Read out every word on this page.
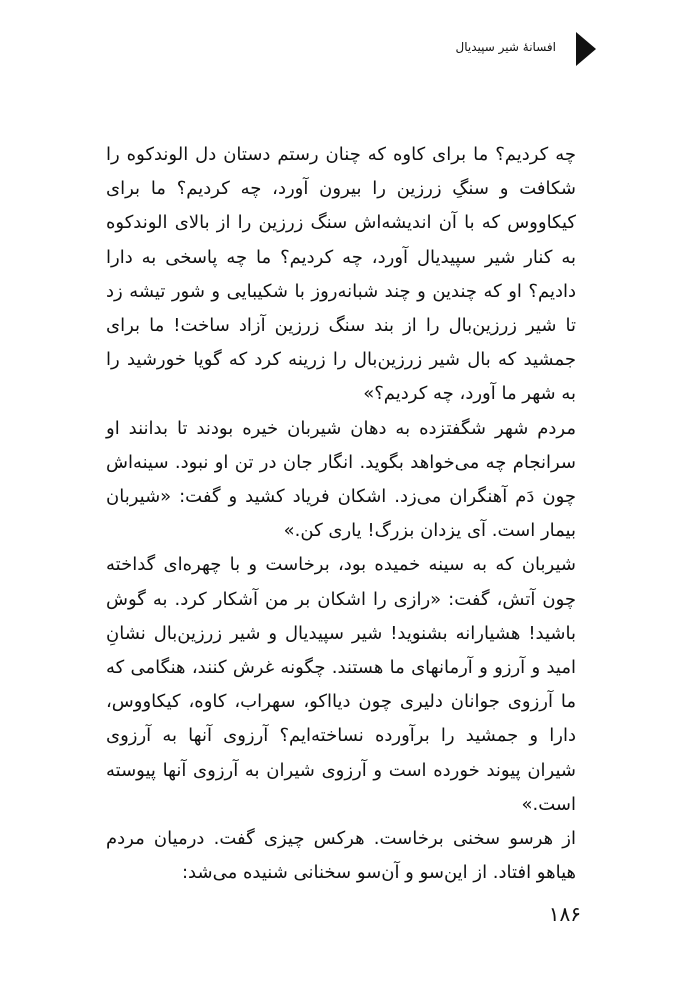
افسانهٔ شیر سپیدیال

چه کردیم؟ ما برای کاوه که چنان رستم دستان دل الوندکوه را شکافت و سنگِ زرزین را بیرون آورد، چه کردیم؟ ما برای کیکاووس که با آن اندیشه‌اش سنگ زرزین را از بالای الوندکوه به کنار شیر سپیدیال آورد، چه کردیم؟ ما چه پاسخی به دارا دادیم؟ او که چندین و چند شبانه‌روز با شکیبایی و شور تیشه زد تا شیر زرزین‌بال را از بند سنگ زرزین آزاد ساخت! ما برای جمشید که بال شیر زرزین‌بال را زرینه کرد که گویا خورشید را به شهر ما آورد، چه کردیم؟»

مردم شهر شگفتزده به دهان شیربان خیره بودند تا بدانند او سرانجام چه می‌خواهد بگوید. انگار جان در تن او نبود. سینه‌اش چون دَم آهنگران می‌زد. اشکان فریاد کشید و گفت: «شیربان بیمار است. آی یزدان بزرگ! یاری کن.»

شیربان که به سینه خمیده بود، برخاست و با چهره‌ای گداخته چون آتش، گفت: «رازی را اشکان بر من آشکار کرد. به گوش باشید! هشیارانه بشنوید! شیر سپیدیال و شیر زرزین‌بال نشانِ امید و آرزو و آرمانهای ما هستند. چگونه غرش کنند، هنگامی که ما آرزوی جوانان دلیری چون دیااکو، سهراب، کاوه، کیکاووس، دارا و جمشید را برآورده نساخته‌ایم؟ آرزوی آنها به آرزوی شیران پیوند خورده است و آرزوی شیران به آرزوی آنها پیوسته است.»

از هرسو سخنی برخاست. هرکس چیزی گفت. درمیان مردم هیاهو افتاد. از این‌سو و آن‌سو سخنانی شنیده می‌شد:

۱۸۶
